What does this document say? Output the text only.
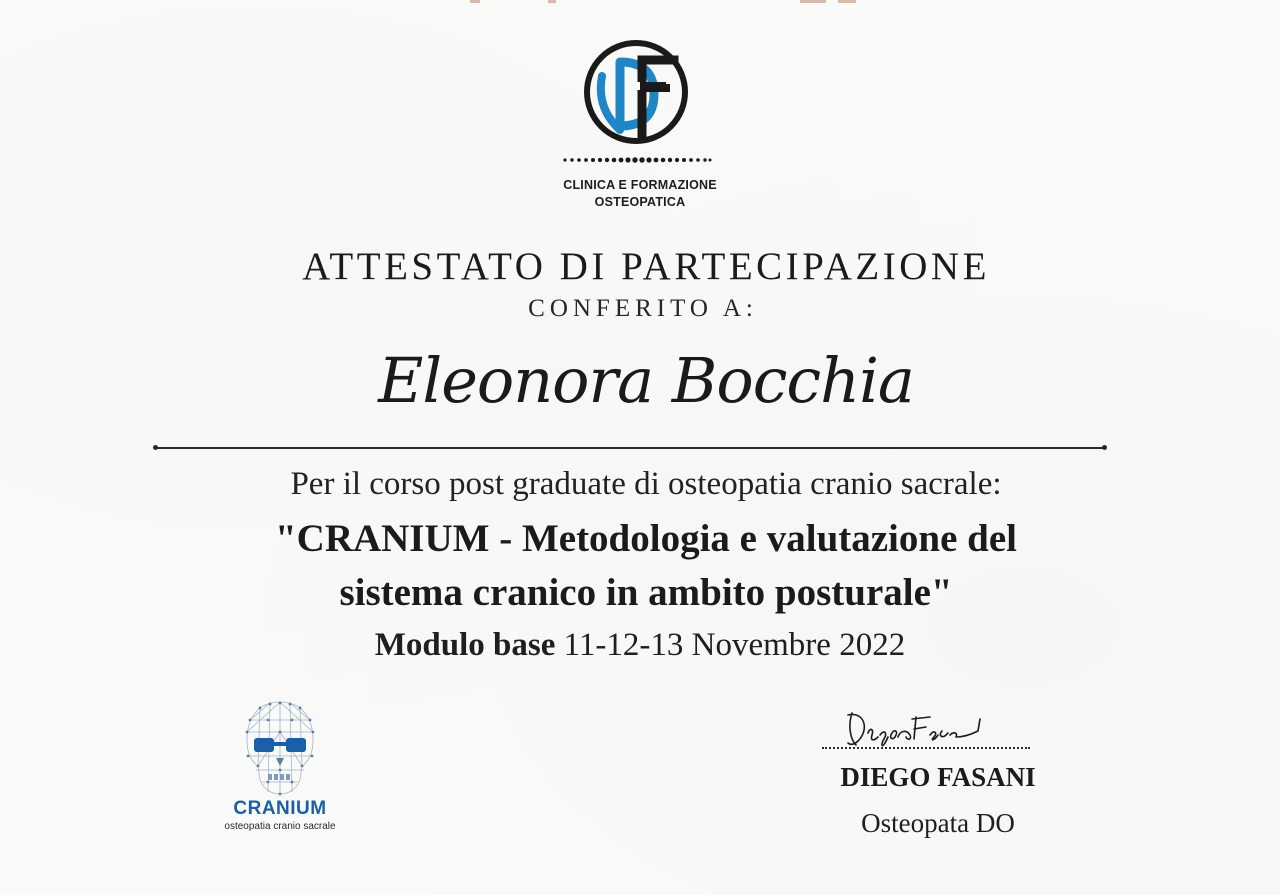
CLINICA E FORMAZIONE
OSTEOPATICA
ATTESTATO DI PARTECIPAZIONE
CONFERITO A:
Eleonora Bocchia
Per il corso post graduate di osteopatia cranio sacrale:
"CRANIUM - Metodologia e valutazione del
sistema cranico in ambito posturale"
Modulo base 11-12-13 Novembre 2022
CRANIUM
osteopatia cranio sacrale
DIEGO FASANI
Osteopata DO
